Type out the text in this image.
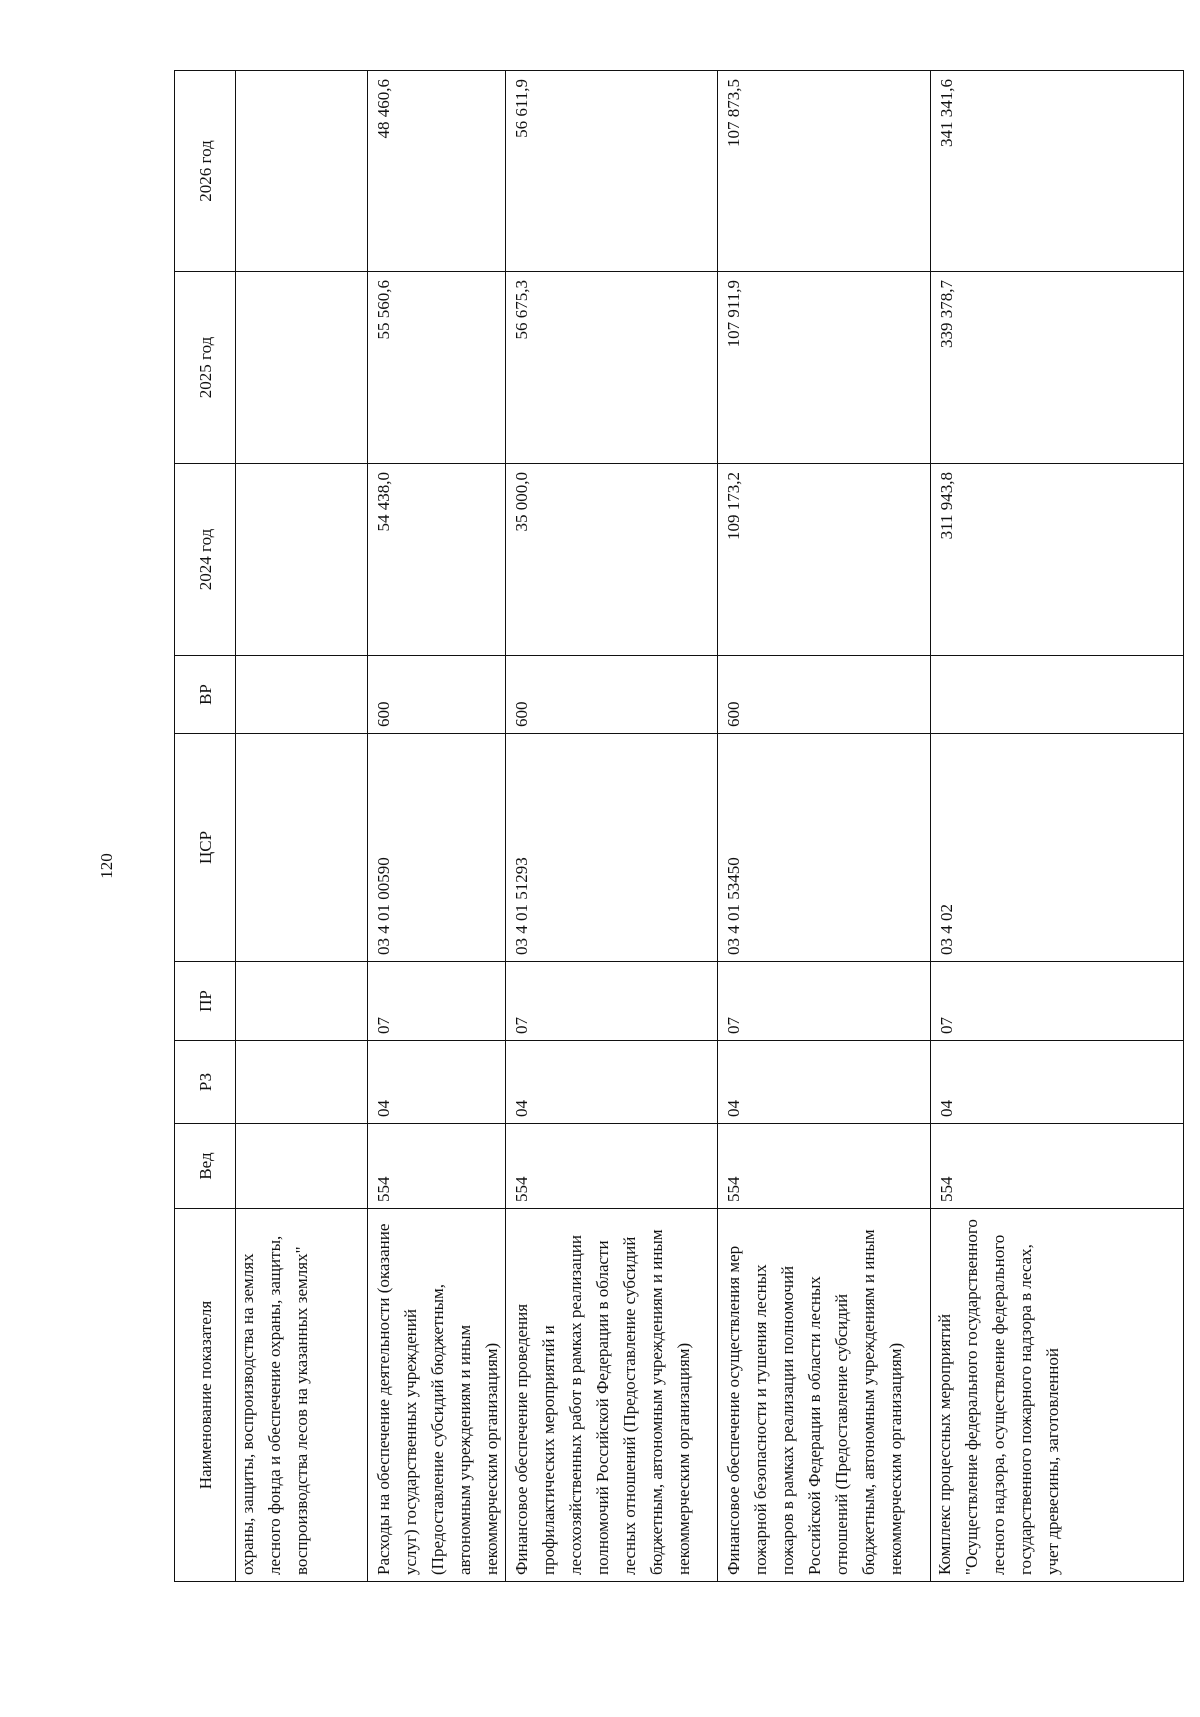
120
Наименование показателя	Вед	РЗ	ПР	ЦСР	ВР	2024 год	2025 год	2026 год

охраны, защиты, воспроизводства на землях лесного фонда и обеспечение охраны, защиты, воспроизводства лесов на указанных землях"								

Расходы на обеспечение деятельности (оказание услуг) государственных учреждений (Предоставление субсидий бюджетным, автономным учреждениям и иным некоммерческим организациям)	554	04	07	03 4 01 00590	600	54 438,0	55 560,6	48 460,6
Финансовое обеспечение проведения профилактических мероприятий и лесохозяйственных работ в рамках реализации полномочий Российской Федерации в области лесных отношений (Предоставление субсидий бюджетным, автономным учреждениям и иным некоммерческим организациям)	554	04	07	03 4 01 51293	600	35 000,0	56 675,3	56 611,9
Финансовое обеспечение осуществления мер пожарной безопасности и тушения лесных пожаров в рамках реализации полномочий Российской Федерации в области лесных отношений (Предоставление субсидий бюджетным, автономным учреждениям и иным некоммерческим организациям)	554	04	07	03 4 01 53450	600	109 173,2	107 911,9	107 873,5

Комплекс процессных мероприятий "Осуществление федерального государственного лесного надзора, осуществление федерального государственного пожарного надзора в лесах, учет древесины, заготовленной	554	04	07	03 4 02		311 943,8	339 378,7	341 341,6
